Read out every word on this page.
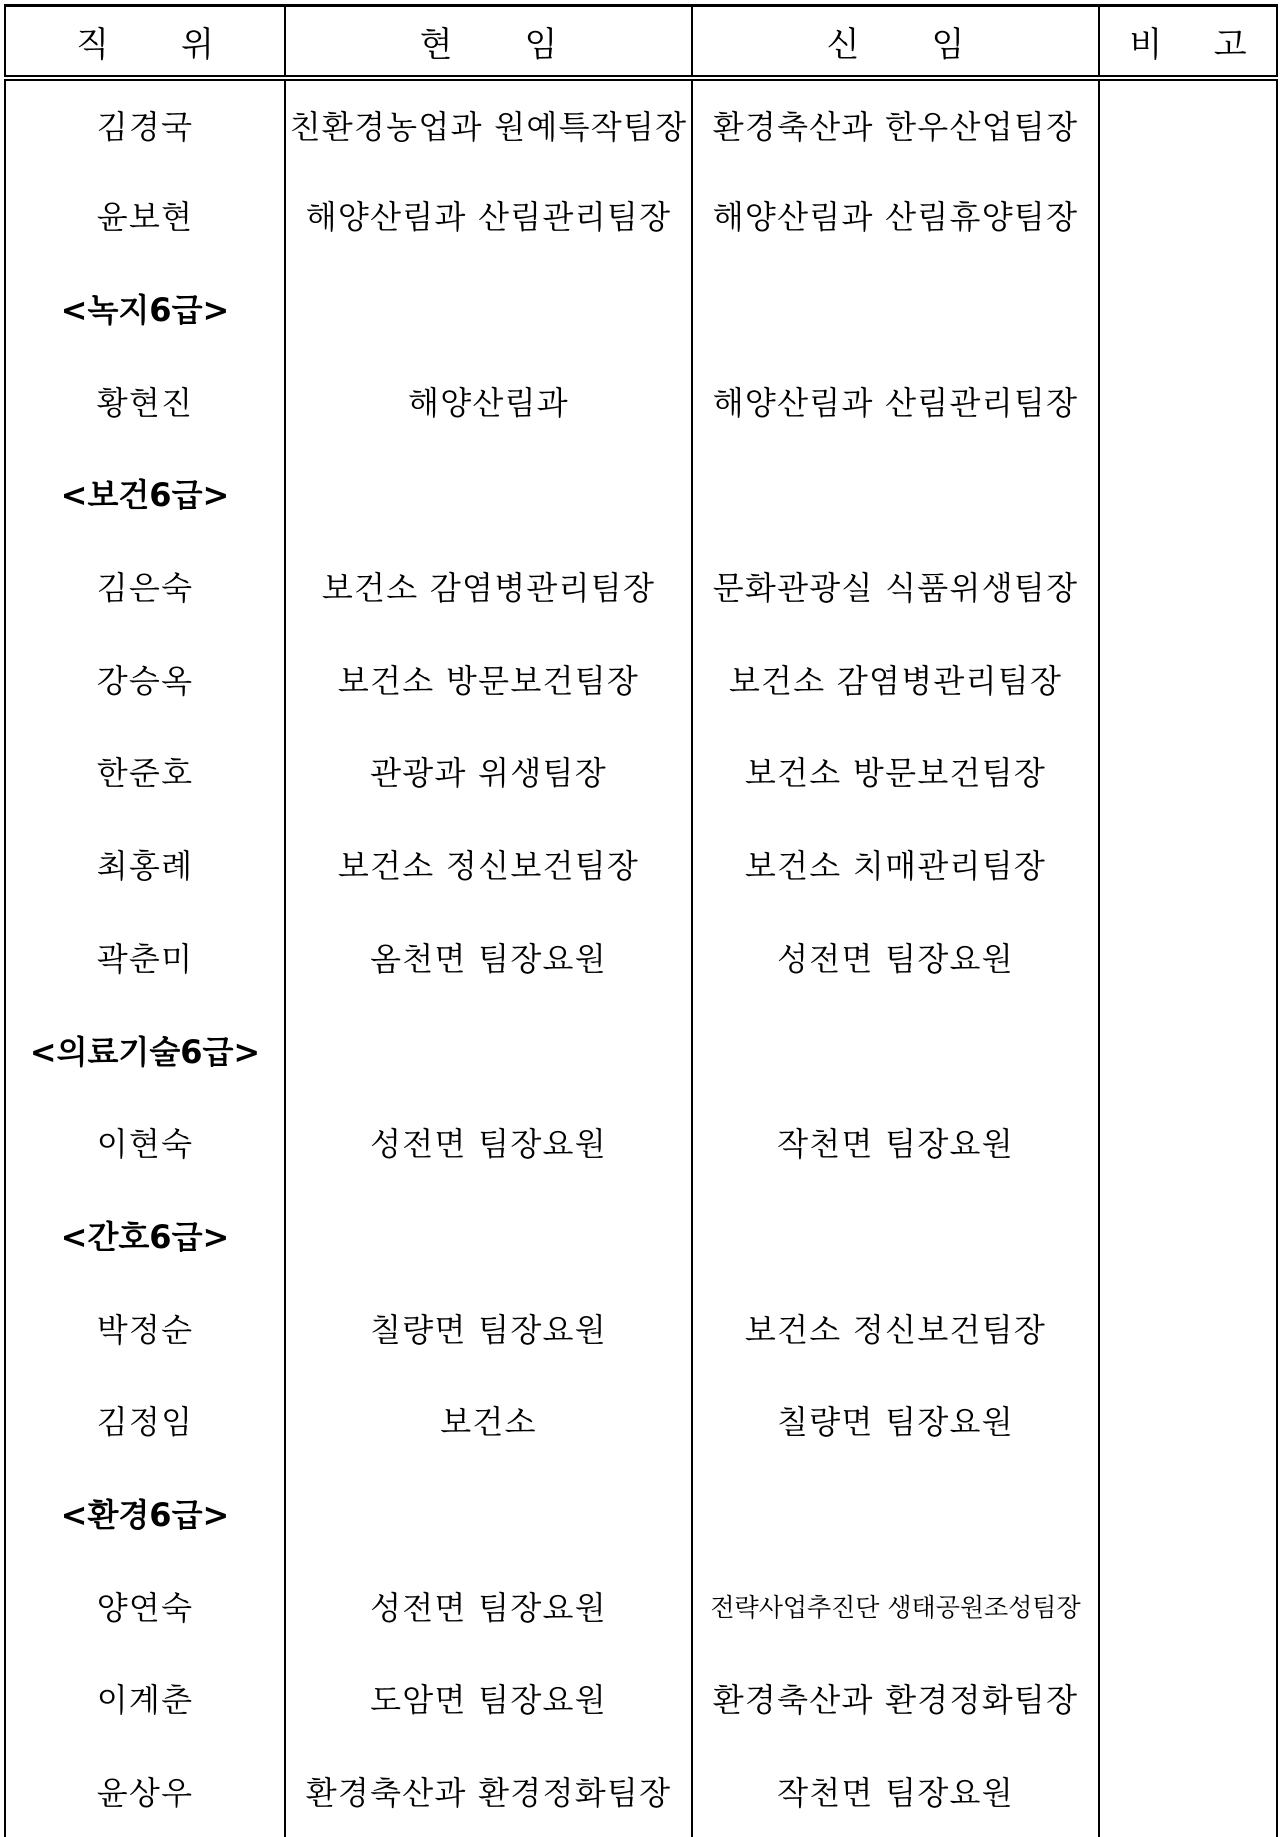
직 위	현 임	신 임	비 고
김경국	친환경농업과 원예특작팀장	환경축산과 한우산업팀장	
윤보현	해양산림과 산림관리팀장	해양산림과 산림휴양팀장	
<녹지6급>			
황현진	해양산림과	해양산림과 산림관리팀장	
<보건6급>			
김은숙	보건소 감염병관리팀장	문화관광실 식품위생팀장	
강승옥	보건소 방문보건팀장	보건소 감염병관리팀장	
한준호	관광과 위생팀장	보건소 방문보건팀장	
최홍례	보건소 정신보건팀장	보건소 치매관리팀장	
곽춘미	옴천면 팀장요원	성전면 팀장요원	
<의료기술6급>			
이현숙	성전면 팀장요원	작천면 팀장요원	
<간호6급>			
박정순	칠량면 팀장요원	보건소 정신보건팀장	
김정임	보건소	칠량면 팀장요원	
<환경6급>			
양연숙	성전면 팀장요원	전략사업추진단 생태공원조성팀장	
이계춘	도암면 팀장요원	환경축산과 환경정화팀장	
윤상우	환경축산과 환경정화팀장	작천면 팀장요원	
